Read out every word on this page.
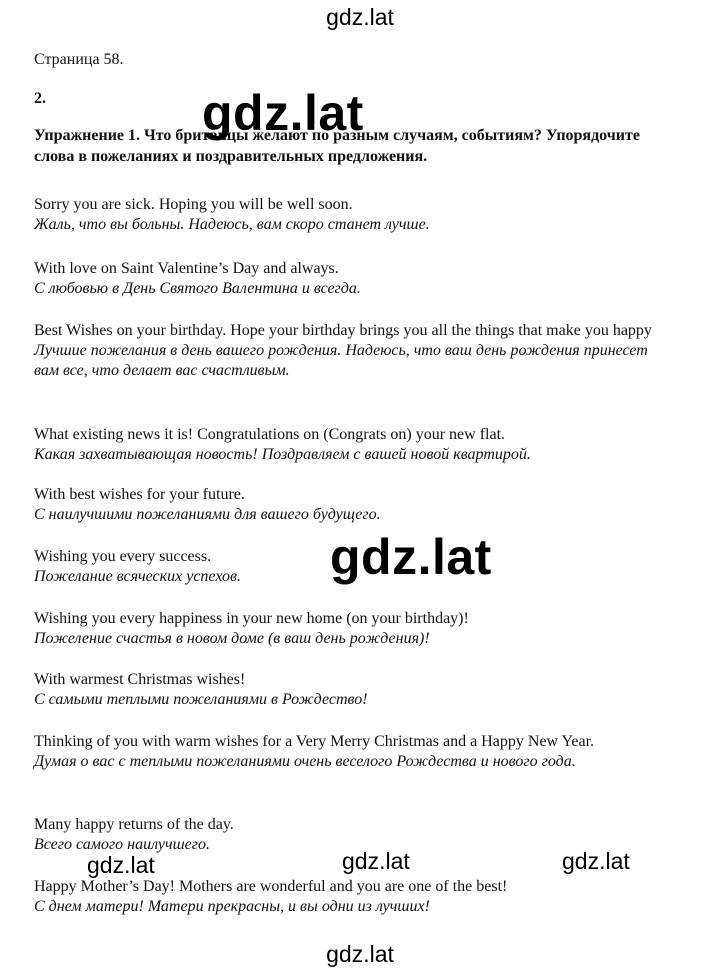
gdz.lat

Страница 58.

2.

Упражнение 1. Что британцы желают по разным случаям, событиям? Упорядочите слова в пожеланиях и поздравительных предложения.

Sorry you are sick. Hoping you will be well soon.

Жаль, что вы больны. Надеюсь, вам скоро станет лучше.

With love on Saint Valentine’s Day and always.

С любовью в День Святого Валентина и всегда.

Best Wishes on your birthday. Hope your birthday brings you all the things that make you happy

Лучшие пожелания в день вашего рождения. Надеюсь, что ваш день рождения принесет вам все, что делает вас счастливым.

What existing news it is! Congratulations on (Congrats on) your new flat.

Какая захватывающая новость! Поздравляем с вашей новой квартирой.

With best wishes for your future.

С наилучшими пожеланиями для вашего будущего.

Wishing you every success.

Пожелание всяческих успехов.

Wishing you every happiness in your new home (on your birthday)!

Пожеление счастья в новом доме (в ваш день рождения)!

With warmest Christmas wishes!

С самыми теплыми пожеланиями в Рождество!

Thinking of you with warm wishes for a Very Merry Christmas and a Happy New Year.

Думая о вас с теплыми пожеланиями очень веселого Рождества и нового года.

Many happy returns of the day.

Всего самого наилучшего.

Happy Mother’s Day! Mothers are wonderful and you are one of the best!

С днем матери! Матери прекрасны, и вы одни из лучших!

gdz.lat
gdz.lat
gdz.lat	gdz.lat	gdz.lat
gdz.lat
